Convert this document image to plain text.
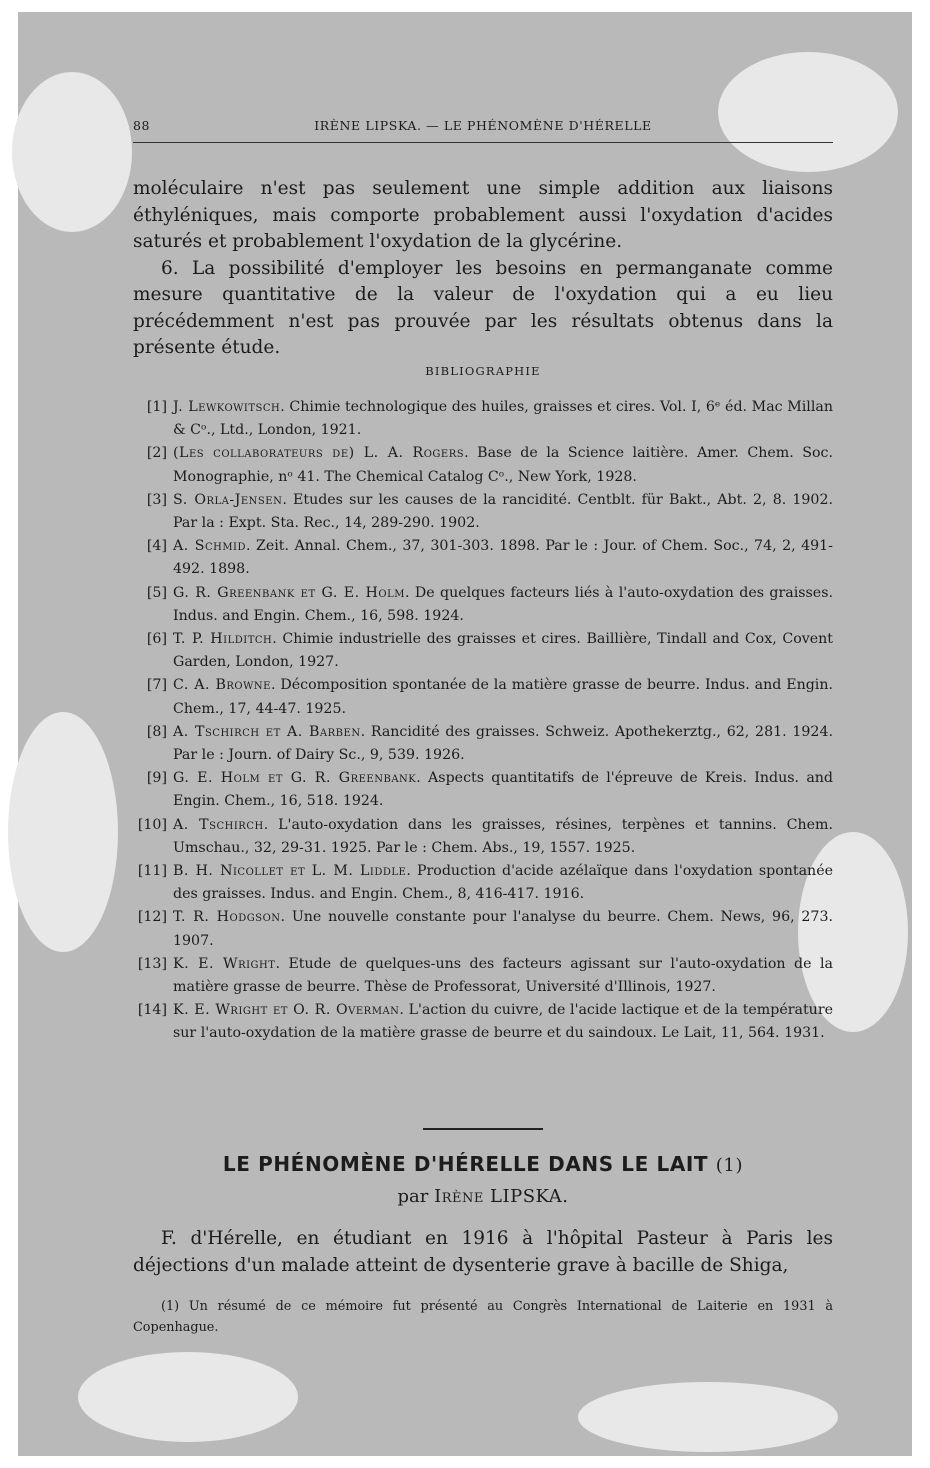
88	IRÈNE LIPSKA. — LE PHÉNOMÈNE D'HÉRELLE

moléculaire n'est pas seulement une simple addition aux liaisons éthyléniques, mais comporte probablement aussi l'oxydation d'acides saturés et probablement l'oxydation de la glycérine.

6. La possibilité d'employer les besoins en permanganate comme mesure quantitative de la valeur de l'oxydation qui a eu lieu précédemment n'est pas prouvée par les résultats obtenus dans la présente étude.

BIBLIOGRAPHIE

[1] J. Lewkowitsch. Chimie technologique des huiles, graisses et cires. Vol. I, 6ᵉ éd. Mac Millan & Cᵒ., Ltd., London, 1921.

[2] (Les collaborateurs de) L. A. Rogers. Base de la Science laitière. Amer. Chem. Soc. Monographie, nᵒ 41. The Chemical Catalog Cᵒ., New York, 1928.

[3] S. Orla-Jensen. Etudes sur les causes de la rancidité. Centblt. für Bakt., Abt. 2, 8. 1902. Par la : Expt. Sta. Rec., 14, 289-290. 1902.

[4] A. Schmid. Zeit. Annal. Chem., 37, 301-303. 1898. Par le : Jour. of Chem. Soc., 74, 2, 491-492. 1898.

[5] G. R. Greenbank et G. E. Holm. De quelques facteurs liés à l'auto-oxydation des graisses. Indus. and Engin. Chem., 16, 598. 1924.

[6] T. P. Hilditch. Chimie industrielle des graisses et cires. Baillière, Tindall and Cox, Covent Garden, London, 1927.

[7] C. A. Browne. Décomposition spontanée de la matière grasse de beurre. Indus. and Engin. Chem., 17, 44-47. 1925.

[8] A. Tschirch et A. Barben. Rancidité des graisses. Schweiz. Apothekerztg., 62, 281. 1924. Par le : Journ. of Dairy Sc., 9, 539. 1926.

[9] G. E. Holm et G. R. Greenbank. Aspects quantitatifs de l'épreuve de Kreis. Indus. and Engin. Chem., 16, 518. 1924.

[10] A. Tschirch. L'auto-oxydation dans les graisses, résines, terpènes et tannins. Chem. Umschau., 32, 29-31. 1925. Par le : Chem. Abs., 19, 1557. 1925.

[11] B. H. Nicollet et L. M. Liddle. Production d'acide azélaïque dans l'oxydation spontanée des graisses. Indus. and Engin. Chem., 8, 416-417. 1916.

[12] T. R. Hodgson. Une nouvelle constante pour l'analyse du beurre. Chem. News, 96, 273. 1907.

[13] K. E. Wright. Etude de quelques-uns des facteurs agissant sur l'auto-oxydation de la matière grasse de beurre. Thèse de Professorat, Université d'Illinois, 1927.

[14] K. E. Wright et O. R. Overman. L'action du cuivre, de l'acide lactique et de la température sur l'auto-oxydation de la matière grasse de beurre et du saindoux. Le Lait, 11, 564. 1931.

LE PHÉNOMÈNE D'HÉRELLE DANS LE LAIT (1)
par Irène LIPSKA.

F. d'Hérelle, en étudiant en 1916 à l'hôpital Pasteur à Paris les déjections d'un malade atteint de dysenterie grave à bacille de Shiga,

(1) Un résumé de ce mémoire fut présenté au Congrès International de Laiterie en 1931 à Copenhague.
